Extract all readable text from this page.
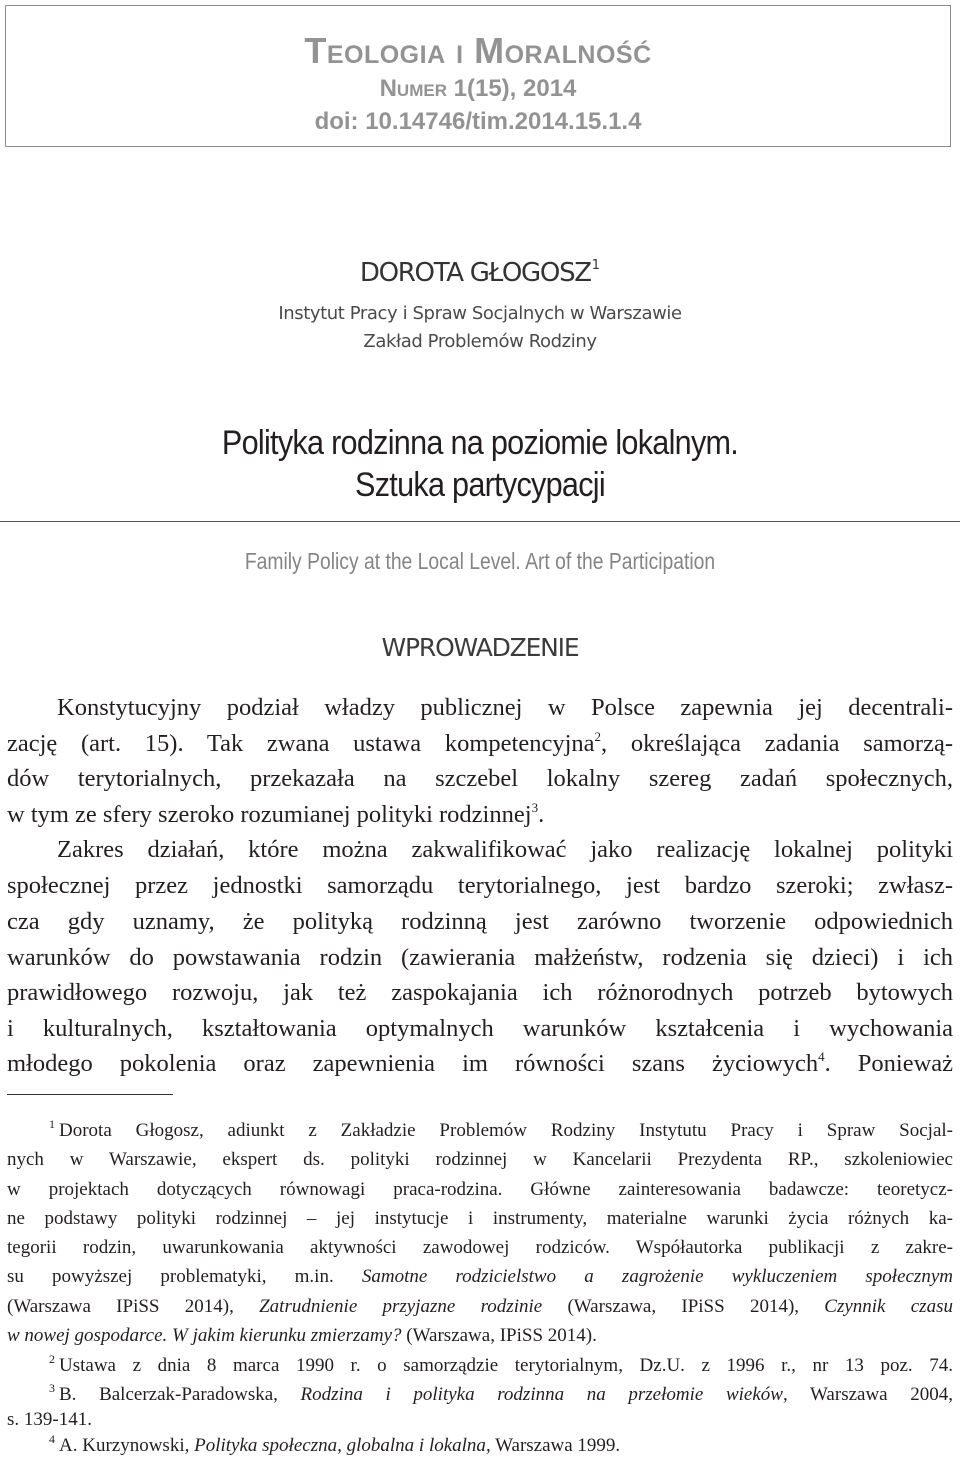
Teologia i Moralność
Numer 1(15), 2014
doi: 10.14746/tim.2014.15.1.4
DOROTA GŁOGOSZ$^1$
Instytut Pracy i Spraw Socjalnych w Warszawie
Zakład Problemów Rodziny
Polityka rodzinna na poziomie lokalnym.
Sztuka partycypacji
Family Policy at the Local Level. Art of the Participation
WPROWADZENIE
Konstytucyjny podział władzy publicznej w Polsce zapewnia jej decentrali-
zację (art. 15). Tak zwana ustawa kompetencyjna$^2$, określająca zadania samorzą-
dów terytorialnych, przekazała na szczebel lokalny szereg zadań społecznych,
w tym ze sfery szeroko rozumianej polityki rodzinnej$^3$.
Zakres działań, które można zakwalifikować jako realizację lokalnej polityki
społecznej przez jednostki samorządu terytorialnego, jest bardzo szeroki; zwłasz-
cza gdy uznamy, że polityką rodzinną jest zarówno tworzenie odpowiednich
warunków do powstawania rodzin (zawierania małżeństw, rodzenia się dzieci) i ich
prawidłowego rozwoju, jak też zaspokajania ich różnorodnych potrzeb bytowych
i kulturalnych, kształtowania optymalnych warunków kształcenia i wychowania
młodego pokolenia oraz zapewnienia im równości szans życiowych$^4$. Ponieważ
$^1$ Dorota Głogosz, adiunkt z Zakładzie Problemów Rodziny Instytutu Pracy i Spraw Socjal-
nych w Warszawie, ekspert ds. polityki rodzinnej w Kancelarii Prezydenta RP., szkoleniowiec
w projektach dotyczących równowagi praca-rodzina. Główne zainteresowania badawcze: teoretycz-
ne podstawy polityki rodzinnej – jej instytucje i instrumenty, materialne warunki życia różnych ka-
tegorii rodzin, uwarunkowania aktywności zawodowej rodziców. Współautorka publikacji z zakre-
su powyższej problematyki, m.in. Samotne rodzicielstwo a zagrożenie wykluczeniem społecznym
(Warszawa IPiSS 2014), Zatrudnienie przyjazne rodzinie (Warszawa, IPiSS 2014), Czynnik czasu
w nowej gospodarce. W jakim kierunku zmierzamy? (Warszawa, IPiSS 2014).
$^2$ Ustawa z dnia 8 marca 1990 r. o samorządzie terytorialnym, Dz.U. z 1996 r., nr 13 poz. 74.
$^3$ B. Balcerzak-Paradowska, Rodzina i polityka rodzinna na przełomie wieków, Warszawa 2004,
s. 139-141.
$^4$ A. Kurzynowski, Polityka społeczna, globalna i lokalna, Warszawa 1999.
